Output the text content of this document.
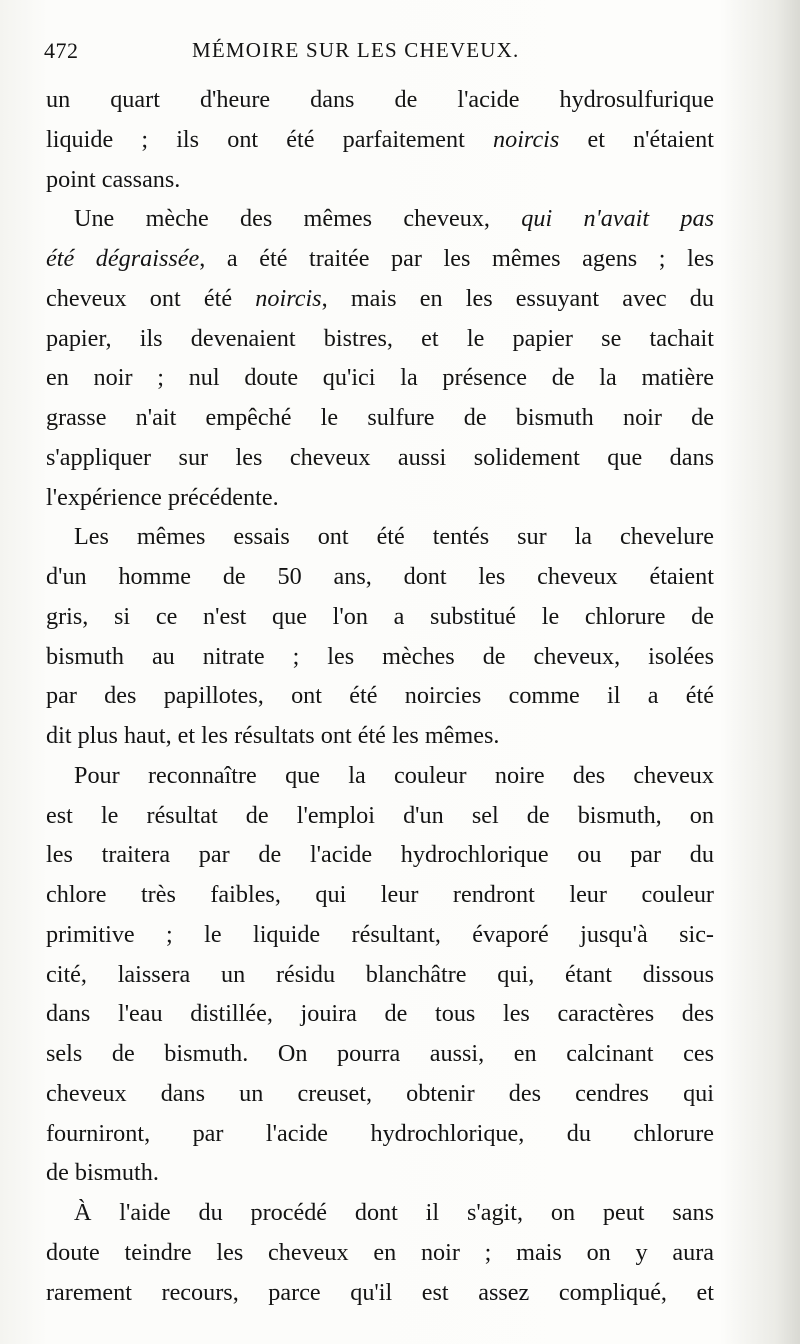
472	MÉMOIRE SUR LES CHEVEUX.
un quart d'heure dans de l'acide hydrosulfurique
liquide ; ils ont été parfaitement noircis et n'étaient
point cassans.
Une mèche des mêmes cheveux, qui n'avait pas
été dégraissée, a été traitée par les mêmes agens ; les
cheveux ont été noircis, mais en les essuyant avec du
papier, ils devenaient bistres, et le papier se tachait
en noir ; nul doute qu'ici la présence de la matière
grasse n'ait empêché le sulfure de bismuth noir de
s'appliquer sur les cheveux aussi solidement que dans
l'expérience précédente.
Les mêmes essais ont été tentés sur la chevelure
d'un homme de 50 ans, dont les cheveux étaient
gris, si ce n'est que l'on a substitué le chlorure de
bismuth au nitrate ; les mèches de cheveux, isolées
par des papillotes, ont été noircies comme il a été
dit plus haut, et les résultats ont été les mêmes.
Pour reconnaître que la couleur noire des cheveux
est le résultat de l'emploi d'un sel de bismuth, on
les traitera par de l'acide hydrochlorique ou par du
chlore très faibles, qui leur rendront leur couleur
primitive ; le liquide résultant, évaporé jusqu'à sic-
cité, laissera un résidu blanchâtre qui, étant dissous
dans l'eau distillée, jouira de tous les caractères des
sels de bismuth. On pourra aussi, en calcinant ces
cheveux dans un creuset, obtenir des cendres qui
fourniront, par l'acide hydrochlorique, du chlorure
de bismuth.
À l'aide du procédé dont il s'agit, on peut sans
doute teindre les cheveux en noir ; mais on y aura
rarement recours, parce qu'il est assez compliqué, et
